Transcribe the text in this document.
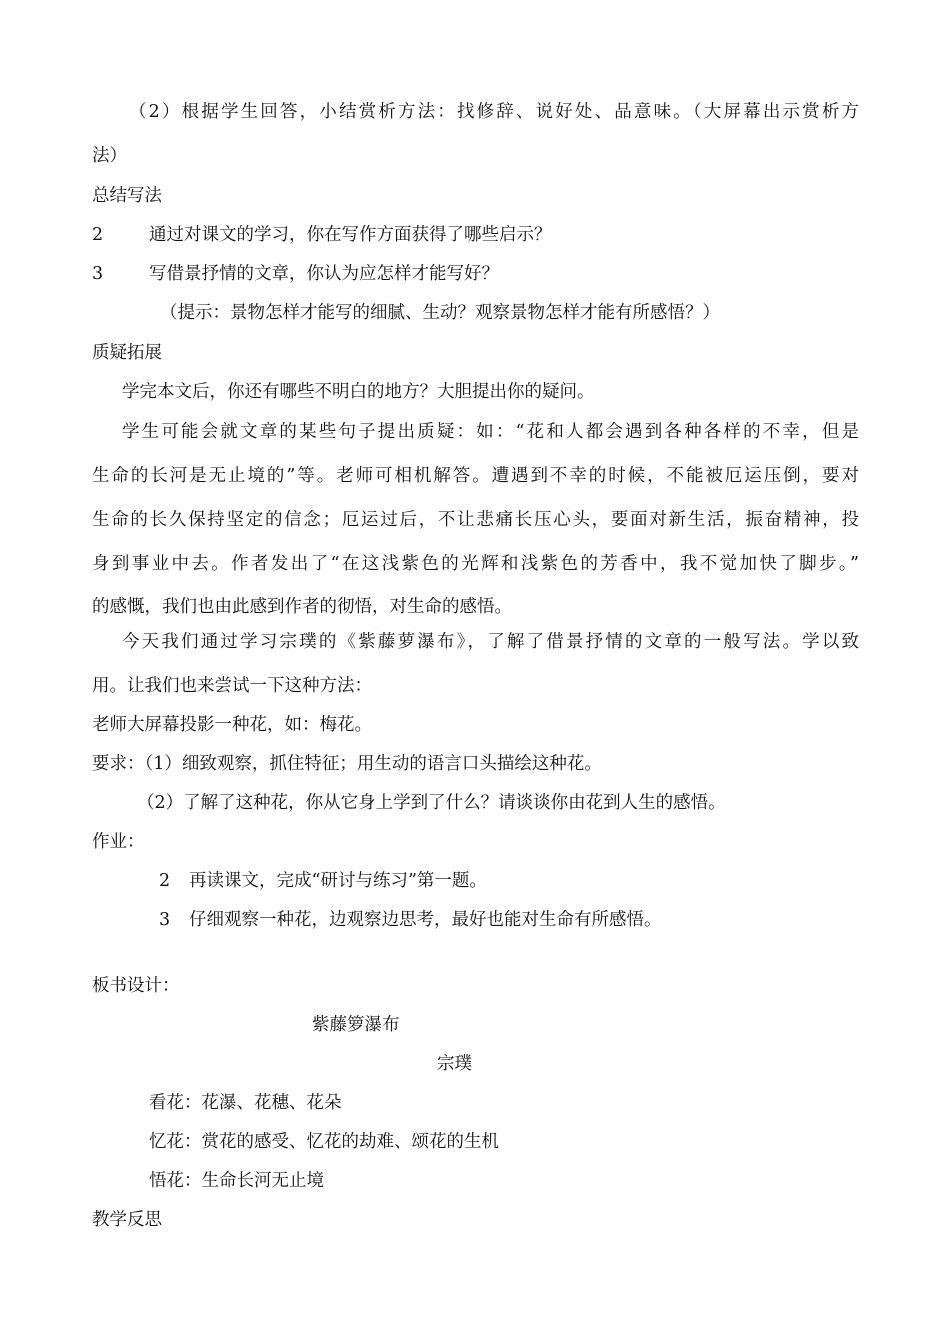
（2）根据学生回答，小结赏析方法：找修辞、说好处、品意味。（大屏幕出示赏析方
法）
总结写法
2	通过对课文的学习，你在写作方面获得了哪些启示？
3	写借景抒情的文章，你认为应怎样才能写好？
（提示：景物怎样才能写的细腻、生动？观察景物怎样才能有所感悟？）
质疑拓展
学完本文后，你还有哪些不明白的地方？大胆提出你的疑问。
学生可能会就文章的某些句子提出质疑：如：“花和人都会遇到各种各样的不幸，但是
生命的长河是无止境的”等。老师可相机解答。遭遇到不幸的时候，不能被厄运压倒，要对
生命的长久保持坚定的信念；厄运过后，不让悲痛长压心头，要面对新生活，振奋精神，投
身到事业中去。作者发出了“在这浅紫色的光辉和浅紫色的芳香中，我不觉加快了脚步。”
的感慨，我们也由此感到作者的彻悟，对生命的感悟。
今天我们通过学习宗璞的《紫藤萝瀑布》，了解了借景抒情的文章的一般写法。学以致
用。让我们也来尝试一下这种方法：
老师大屏幕投影一种花，如：梅花。
要求：（1）细致观察，抓住特征；用生动的语言口头描绘这种花。
（2）了解了这种花，你从它身上学到了什么？请谈谈你由花到人生的感悟。
作业：
2 再读课文，完成“研讨与练习”第一题。
3 仔细观察一种花，边观察边思考，最好也能对生命有所感悟。
板书设计：
紫藤箩瀑布
宗璞
看花：花瀑、花穗、花朵
忆花：赏花的感受、忆花的劫难、颂花的生机
悟花：生命长河无止境
教学反思
